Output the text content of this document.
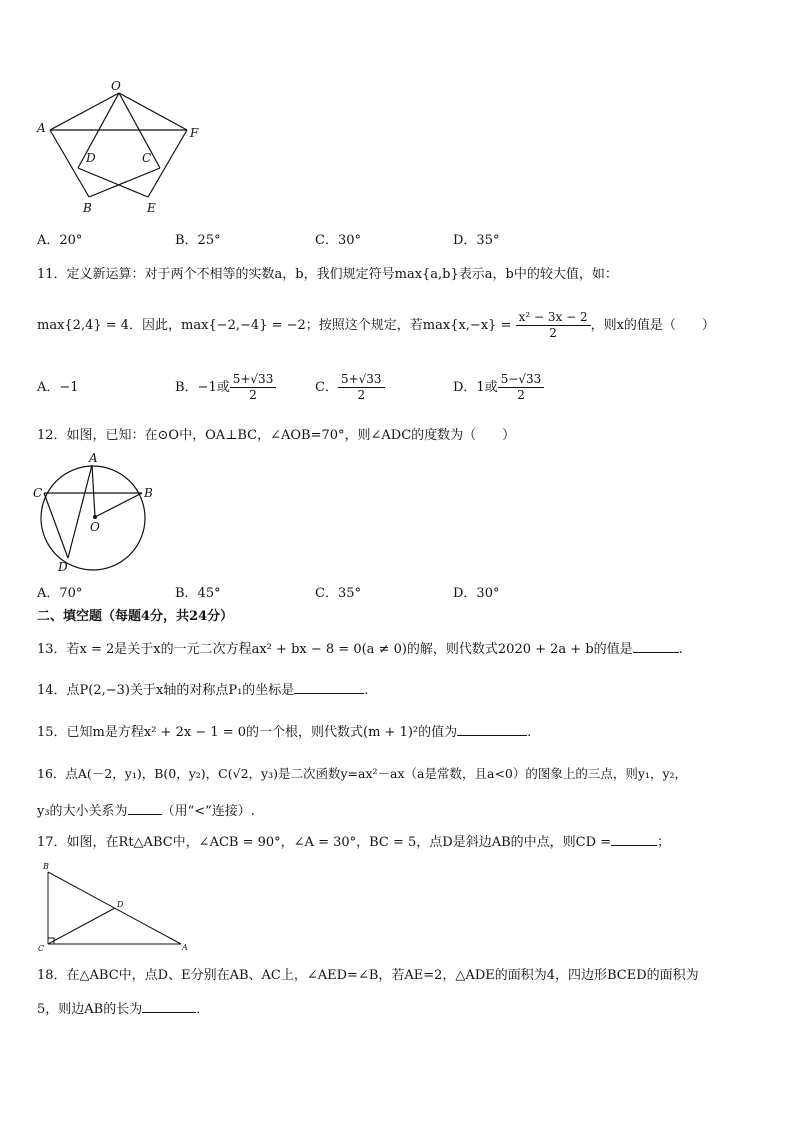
O
A	F
D	C
B	E
A．20°	B．25°	C．30°	D．35°
11．定义新运算：对于两个不相等的实数a，b，我们规定符号max{a,b}表示a，b中的较大值，如：
max{2,4} = 4．因此，max{−2,−4} = −2；按照这个规定，若$\max\{x,-x\} = \frac{\text{x² − 3x − 2}}{2}$ ，则x的值是（　　）
A．−1	B．−1或 $\frac{5+√33}{2}$	C． $\frac{5+√33}{2}$	D．1或 $\frac{5-√33}{2}$
12．如图，已知：在⊙O中，OA⊥BC，∠AOB=70°，则∠ADC的度数为（　　）
A
C	B
O
D
A．70°	B．45°	C．35°	D．30°
二、填空题（每题4分，共24分）
13．若x = 2是关于x的一元二次方程ax² + bx − 8 = 0(a ≠ 0)的解，则代数式2020 + 2a + b的值是	.
14．点P(2,−3)关于x轴的对称点P₁的坐标是	.
15．已知m是方程x² + 2x − 1 = 0的一个根，则代数式(m + 1)²的值为	.
16．点A(－2，y₁)，B(0，y₂)，C(√2，y₃)是二次函数y=ax²－ax（a是常数，且a<0）的图象上的三点，则y₁，y₂，
y₃的大小关系为	（用“<”连接）.
17．如图，在Rt△ABC中，∠ACB = 90°，∠A = 30°，BC = 5，点D是斜边AB的中点，则CD =	；
B
D
C	A
18．在△ABC中，点D、E分别在AB、AC上，∠AED=∠B，若AE=2，△ADE的面积为4，四边形BCED的面积为
5，则边AB的长为	．
